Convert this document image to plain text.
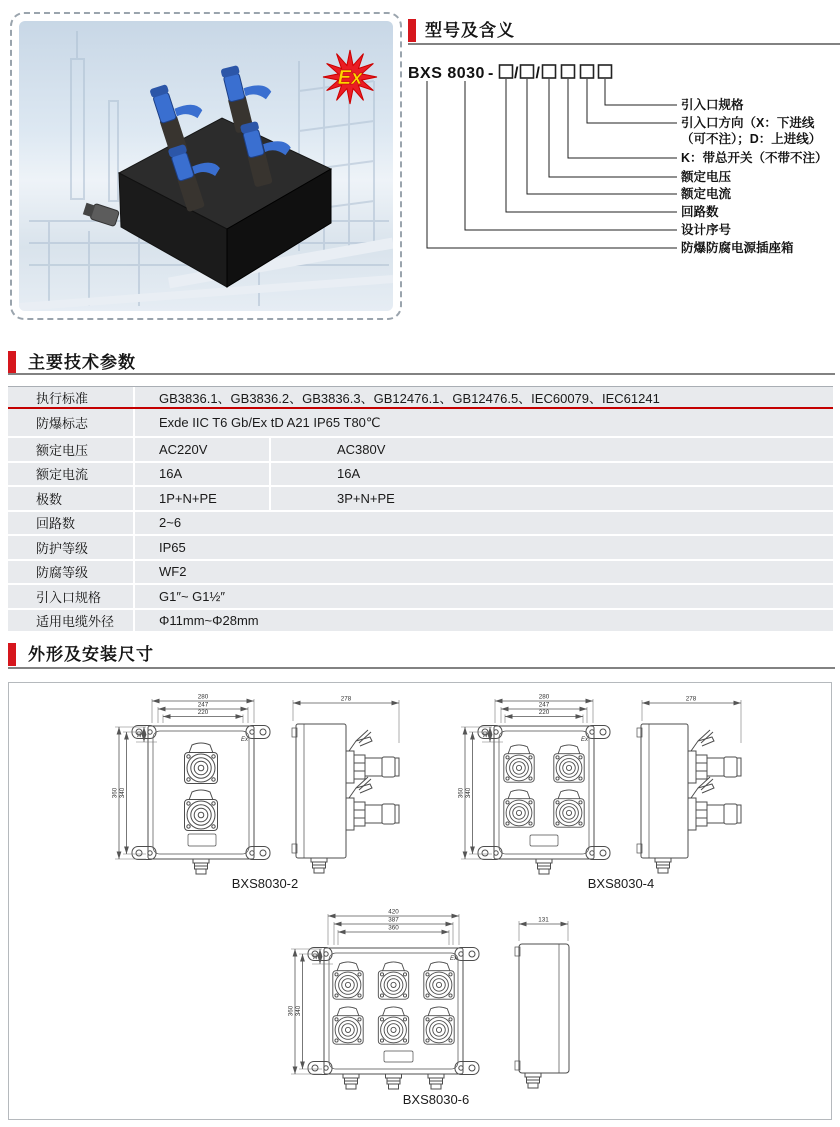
Ex
型号及含义
BXS 8030 - / /
引入口规格
引入口方向（X：下进线
（可不注）；D：上进线）
K：带总开关（不带不注）
额定电压
额定电流
回路数
设计序号
防爆防腐电源插座箱
主要技术参数
执行标准	GB3836.1、GB3836.2、GB3836.3、GB12476.1、GB12476.5、IEC60079、IEC61241
防爆标志	Exde IIC T6 Gb/Ex tD A21 IP65 T80℃
额定电压	AC220V	AC380V
额定电流	16A	16A
极数	1P+N+PE	3P+N+PE
回路数	2~6
防护等级	IP65
防腐等级	WF2
引入口规格	G1″~ G1½″
适用电缆外径	Φ11mm~Φ28mm
外形及安装尺寸
Ex
280
247
220
360 340
10
278
BXS8030-2
Ex
280
247
220
360 340
10
278
BXS8030-4
Ex
420
387
360
360 340
10
131
BXS8030-6
